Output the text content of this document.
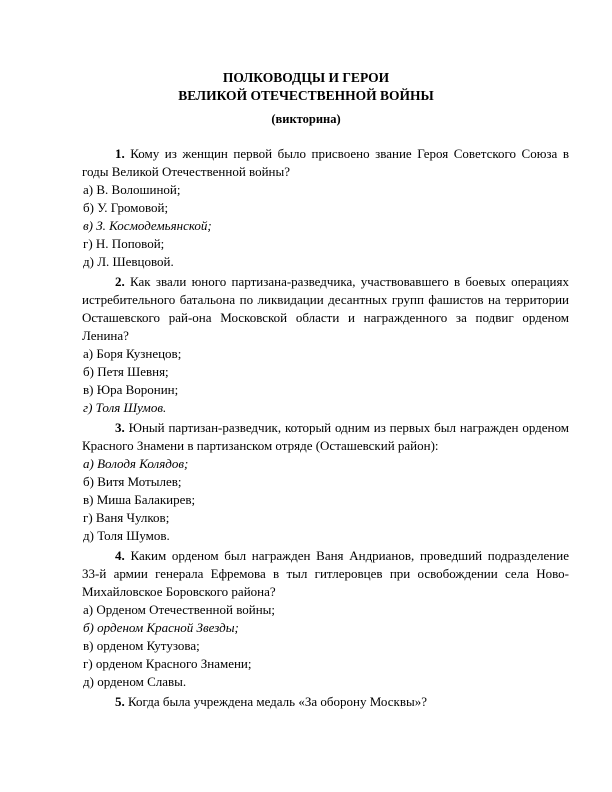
ПОЛКОВОДЦЫ И ГЕРОИ
ВЕЛИКОЙ ОТЕЧЕСТВЕННОЙ ВОЙНЫ
(викторина)

1. Кому из женщин первой было присвоено звание Героя Советского Союза в годы Великой Отечественной войны?

а) В. Волошиной;

б) У. Громовой;

в) З. Космодемьянской;

г) Н. Поповой;

д) Л. Шевцовой.

2. Как звали юного партизана-разведчика, участвовавшего в боевых операциях истребительного батальона по ликвидации десантных групп фашистов на территории Осташевского рай-она Московской области и награжденного за подвиг орденом Ленина?

а) Боря Кузнецов;

б) Петя Шевня;

в) Юра Воронин;

г) Толя Шумов.

3. Юный партизан-разведчик, который одним из первых был награжден орденом Красного Знамени в партизанском отряде (Осташевский район):

а) Володя Колядов;

б) Витя Мотылев;

в) Миша Балакирев;

г) Ваня Чулков;

д) Толя Шумов.

4. Каким орденом был награжден Ваня Андрианов, проведший подразделение 33-й армии генерала Ефремова в тыл гитлеровцев при освобождении села Ново-Михайловское Боровского района?

а) Орденом Отечественной войны;

б) орденом Красной Звезды;

в) орденом Кутузова;

г) орденом Красного Знамени;

д) орденом Славы.

5. Когда была учреждена медаль «За оборону Москвы»?
